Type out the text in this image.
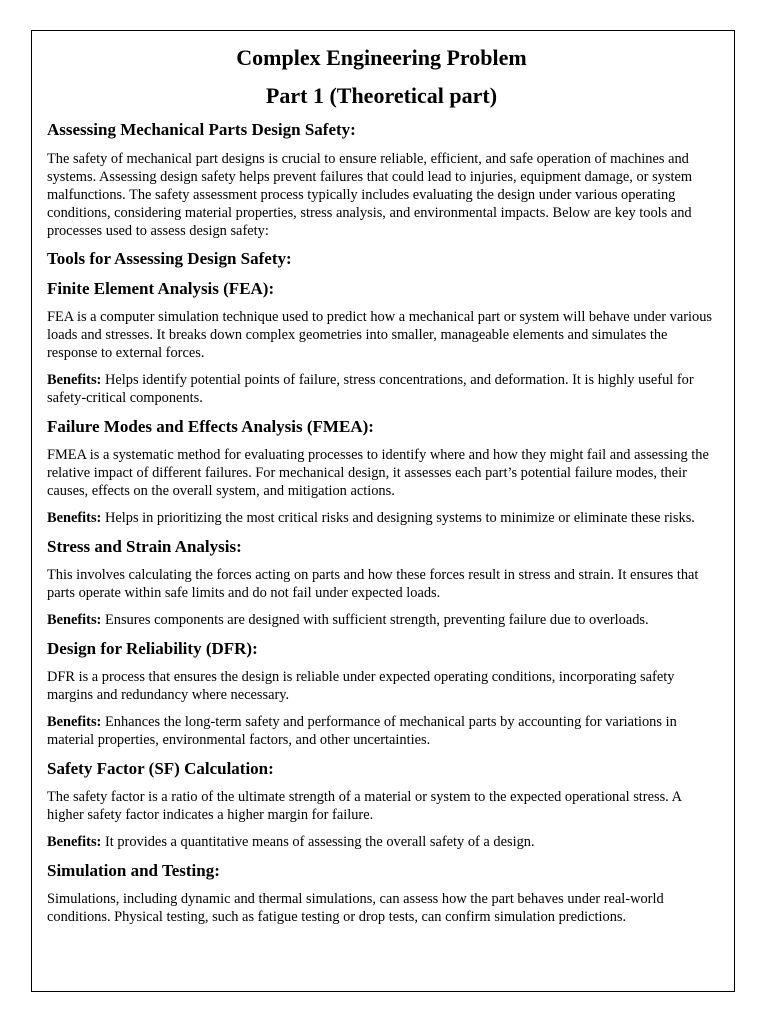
Complex Engineering Problem
Part 1 (Theoretical part)
Assessing Mechanical Parts Design Safety:

The safety of mechanical part designs is crucial to ensure reliable, efficient, and safe operation of machines and systems. Assessing design safety helps prevent failures that could lead to injuries, equipment damage, or system malfunctions. The safety assessment process typically includes evaluating the design under various operating conditions, considering material properties, stress analysis, and environmental impacts. Below are key tools and processes used to assess design safety:

Tools for Assessing Design Safety:
Finite Element Analysis (FEA):

FEA is a computer simulation technique used to predict how a mechanical part or system will behave under various loads and stresses. It breaks down complex geometries into smaller, manageable elements and simulates the response to external forces.

Benefits: Helps identify potential points of failure, stress concentrations, and deformation. It is highly useful for safety-critical components.

Failure Modes and Effects Analysis (FMEA):

FMEA is a systematic method for evaluating processes to identify where and how they might fail and assessing the relative impact of different failures. For mechanical design, it assesses each part’s potential failure modes, their causes, effects on the overall system, and mitigation actions.

Benefits: Helps in prioritizing the most critical risks and designing systems to minimize or eliminate these risks.

Stress and Strain Analysis:

This involves calculating the forces acting on parts and how these forces result in stress and strain. It ensures that parts operate within safe limits and do not fail under expected loads.

Benefits: Ensures components are designed with sufficient strength, preventing failure due to overloads.

Design for Reliability (DFR):

DFR is a process that ensures the design is reliable under expected operating conditions, incorporating safety margins and redundancy where necessary.

Benefits: Enhances the long-term safety and performance of mechanical parts by accounting for variations in material properties, environmental factors, and other uncertainties.

Safety Factor (SF) Calculation:

The safety factor is a ratio of the ultimate strength of a material or system to the expected operational stress. A higher safety factor indicates a higher margin for failure.

Benefits: It provides a quantitative means of assessing the overall safety of a design.

Simulation and Testing:

Simulations, including dynamic and thermal simulations, can assess how the part behaves under real-world conditions. Physical testing, such as fatigue testing or drop tests, can confirm simulation predictions.
